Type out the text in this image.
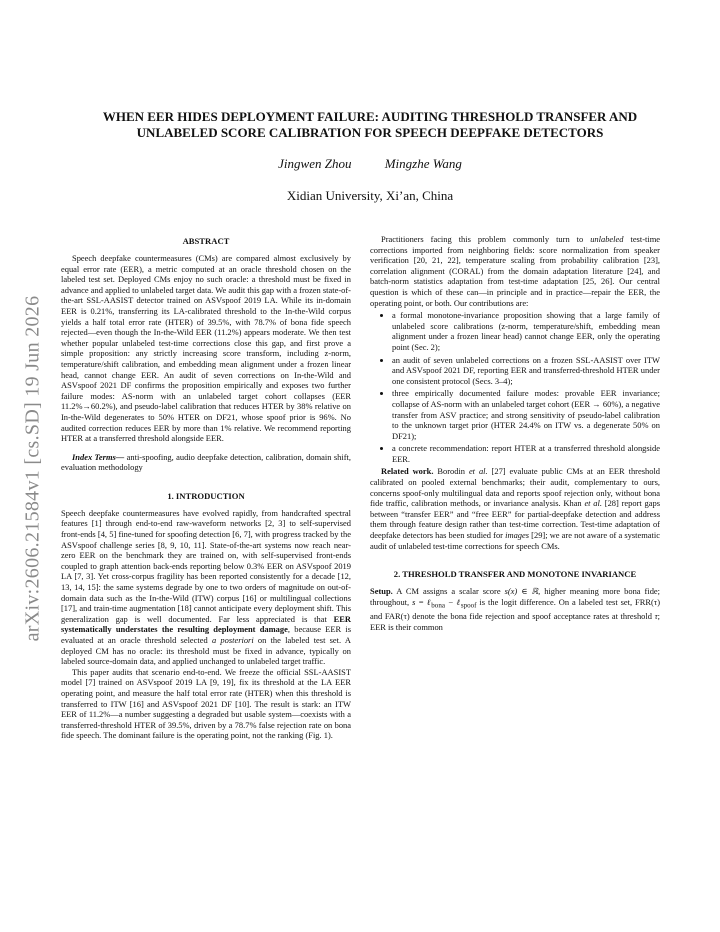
arXiv:2606.21584v1 [cs.SD] 19 Jun 2026
WHEN EER HIDES DEPLOYMENT FAILURE: AUDITING THRESHOLD TRANSFER AND UNLABELED SCORE CALIBRATION FOR SPEECH DEEPFAKE DETECTORS
Jingwen Zhou	Mingzhe Wang
Xidian University, Xi’an, China
ABSTRACT

Speech deepfake countermeasures (CMs) are compared almost exclusively by equal error rate (EER), a metric computed at an oracle threshold chosen on the labeled test set. Deployed CMs enjoy no such oracle: a threshold must be fixed in advance and applied to unlabeled target data. We audit this gap with a frozen state-of-the-art SSL-AASIST detector trained on ASVspoof 2019 LA. While its in-domain EER is 0.21%, transferring its LA-calibrated threshold to the In-the-Wild corpus yields a half total error rate (HTER) of 39.5%, with 78.7% of bona fide speech rejected—even though the In-the-Wild EER (11.2%) appears moderate. We then test whether popular unlabeled test-time corrections close this gap, and first prove a simple proposition: any strictly increasing score transform, including z-norm, temperature/shift calibration, and embedding mean alignment under a frozen linear head, cannot change EER. An audit of seven corrections on In-the-Wild and ASVspoof 2021 DF confirms the proposition empirically and exposes two further failure modes: AS-norm with an unlabeled target cohort collapses (EER 11.2%→60.2%), and pseudo-label calibration that reduces HTER by 38% relative on In-the-Wild degenerates to 50% HTER on DF21, whose spoof prior is 96%. No audited correction reduces EER by more than 1% relative. We recommend reporting HTER at a transferred threshold alongside EER.

Index Terms— anti-spoofing, audio deepfake detection, calibration, domain shift, evaluation methodology

1. INTRODUCTION

Speech deepfake countermeasures have evolved rapidly, from handcrafted spectral features [1] through end-to-end raw-waveform networks [2, 3] to self-supervised front-ends [4, 5] fine-tuned for spoofing detection [6, 7], with progress tracked by the ASVspoof challenge series [8, 9, 10, 11]. State-of-the-art systems now reach near-zero EER on the benchmark they are trained on, with self-supervised front-ends coupled to graph attention back-ends reporting below 0.3% EER on ASVspoof 2019 LA [7, 3]. Yet cross-corpus fragility has been reported consistently for a decade [12, 13, 14, 15]: the same systems degrade by one to two orders of magnitude on out-of-domain data such as the In-the-Wild (ITW) corpus [16] or multilingual collections [17], and train-time augmentation [18] cannot anticipate every deployment shift. This generalization gap is well documented. Far less appreciated is that EER systematically understates the resulting deployment damage, because EER is evaluated at an oracle threshold selected a posteriori on the labeled test set. A deployed CM has no oracle: its threshold must be fixed in advance, typically on labeled source-domain data, and applied unchanged to unlabeled target traffic.

This paper audits that scenario end-to-end. We freeze the official SSL-AASIST model [7] trained on ASVspoof 2019 LA [9, 19], fix its threshold at the LA EER operating point, and measure the half total error rate (HTER) when this threshold is transferred to ITW [16] and ASVspoof 2021 DF [10]. The result is stark: an ITW EER of 11.2%—a number suggesting a degraded but usable system—coexists with a transferred-threshold HTER of 39.5%, driven by a 78.7% false rejection rate on bona fide speech. The dominant failure is the operating point, not the ranking (Fig. 1).

Practitioners facing this problem commonly turn to unlabeled test-time corrections imported from neighboring fields: score normalization from speaker verification [20, 21, 22], temperature scaling from probability calibration [23], correlation alignment (CORAL) from the domain adaptation literature [24], and batch-norm statistics adaptation from test-time adaptation [25, 26]. Our central question is which of these can—in principle and in practice—repair the EER, the operating point, or both. Our contributions are:

• a formal monotone-invariance proposition showing that a large family of unlabeled score calibrations (z-norm, temperature/shift, embedding mean alignment under a frozen linear head) cannot change EER, only the operating point (Sec. 2);
• an audit of seven unlabeled corrections on a frozen SSL-AASIST over ITW and ASVspoof 2021 DF, reporting EER and transferred-threshold HTER under one consistent protocol (Secs. 3–4);
• three empirically documented failure modes: provable EER invariance; collapse of AS-norm with an unlabeled target cohort (EER → 60%), a negative transfer from ASV practice; and strong sensitivity of pseudo-label calibration to the unknown target prior (HTER 24.4% on ITW vs. a degenerate 50% on DF21);
• a concrete recommendation: report HTER at a transferred threshold alongside EER.

Related work. Borodin et al. [27] evaluate public CMs at an EER threshold calibrated on pooled external benchmarks; their audit, complementary to ours, concerns spoof-only multilingual data and reports spoof rejection only, without bona fide traffic, calibration methods, or invariance analysis. Khan et al. [28] report gaps between “transfer EER” and “free EER” for partial-deepfake detection and address them through feature design rather than test-time correction. Test-time adaptation of deepfake detectors has been studied for images [29]; we are not aware of a systematic audit of unlabeled test-time corrections for speech CMs.

2. THRESHOLD TRANSFER AND MONOTONE INVARIANCE

Setup. A CM assigns a scalar score s(x) ∈ ℝ, higher meaning more bona fide; throughout, s = ℓ$_{bona}$ − ℓ$_{spoof}$ is the logit difference. On a labeled test set, FRR(τ) and FAR(τ) denote the bona fide rejection and spoof acceptance rates at threshold τ; EER is their common
